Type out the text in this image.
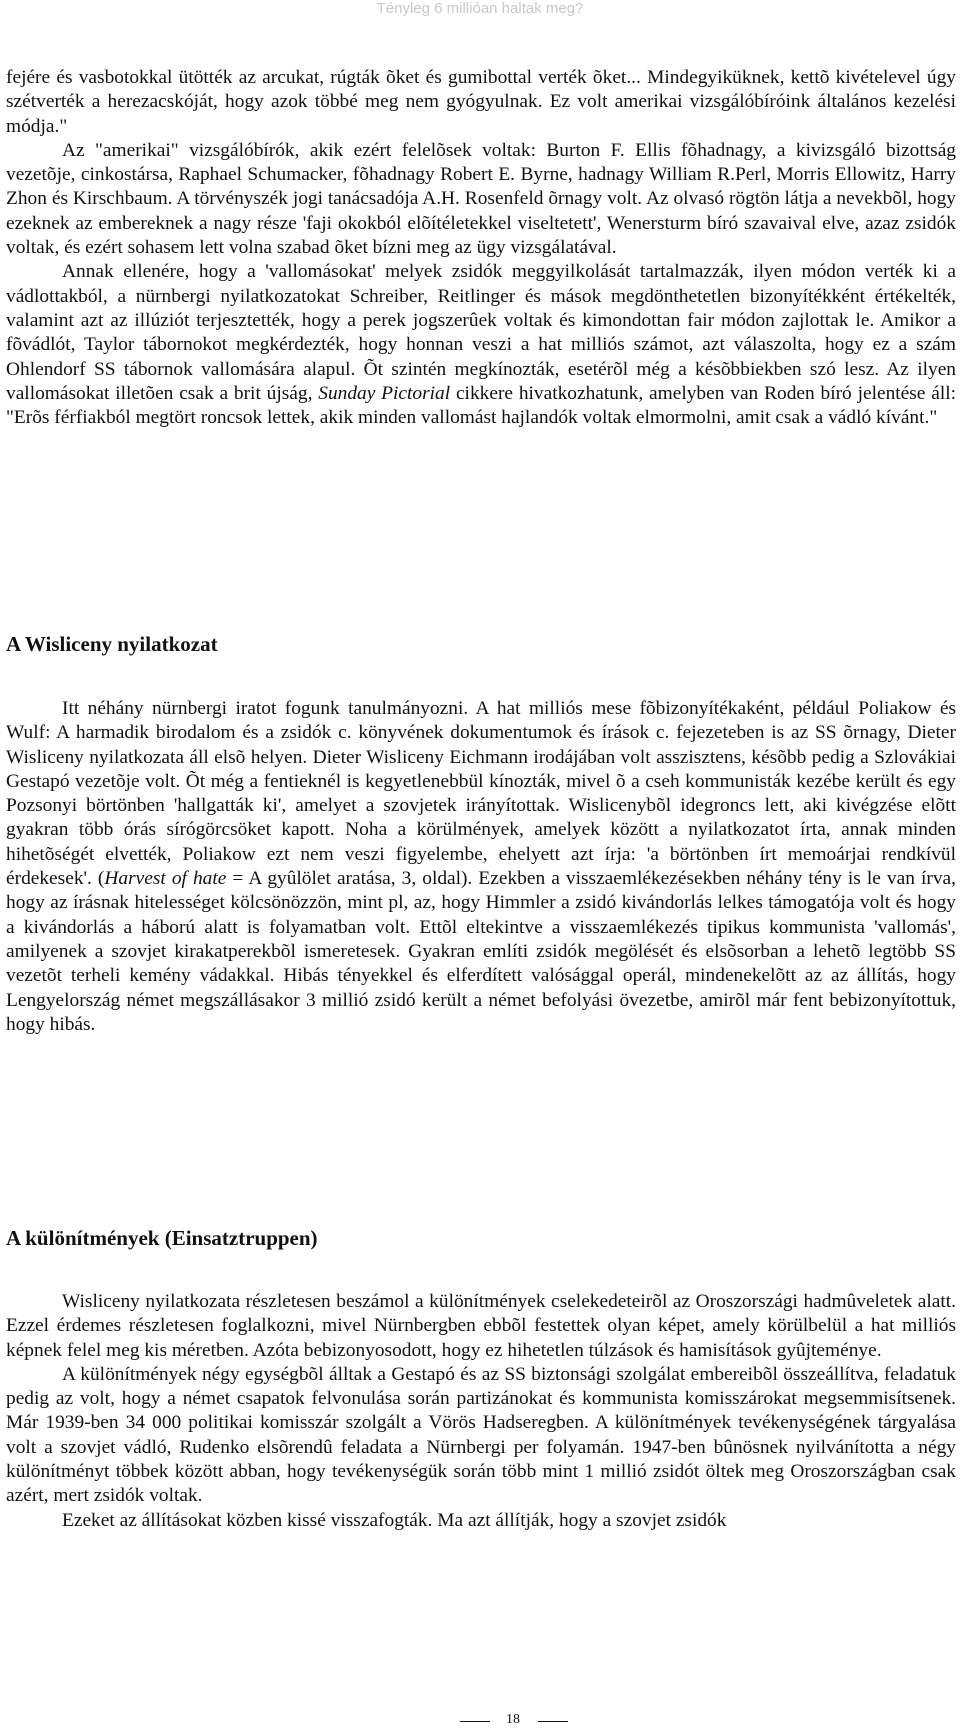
Tényleg 6 millióan haltak meg?

fejére és vasbotokkal ütötték az arcukat, rúgták õket és gumibottal verték õket... Mindegyiküknek, kettõ kivételevel úgy szétverték a herezacskóját, hogy azok többé meg nem gyógyulnak. Ez volt amerikai vizsgálóbíróink általános kezelési módja."

Az "amerikai" vizsgálóbírók, akik ezért felelõsek voltak: Burton F. Ellis fõhadnagy, a kivizsgáló bizottság vezetõje, cinkostársa, Raphael Schumacker, fõhadnagy Robert E. Byrne, hadnagy William R.Perl, Morris Ellowitz, Harry Zhon és Kirschbaum. A törvényszék jogi tanácsadója A.H. Rosenfeld õrnagy volt. Az olvasó rögtön látja a nevekbõl, hogy ezeknek az embereknek a nagy része 'faji okokból elõítéletekkel viseltetett', Wenersturm bíró szavaival elve, azaz zsidók voltak, és ezért sohasem lett volna szabad õket bízni meg az ügy vizsgálatával.

Annak ellenére, hogy a 'vallomásokat' melyek zsidók meggyilkolását tartalmazzák, ilyen módon verték ki a vádlottakból, a nürnbergi nyilatkozatokat Schreiber, Reitlinger és mások megdönthetetlen bizonyítékként értékelték, valamint azt az illúziót terjesztették, hogy a perek jogszerûek voltak és kimondottan fair módon zajlottak le. Amikor a fõvádlót, Taylor tábornokot megkérdezték, hogy honnan veszi a hat milliós számot, azt válaszolta, hogy ez a szám Ohlendorf SS tábornok vallomására alapul. Õt szintén megkínozták, esetérõl még a késõbbiekben szó lesz. Az ilyen vallomásokat illetõen csak a brit újság, Sunday Pictorial cikkere hivatkozhatunk, amelyben van Roden bíró jelentése áll: "Erõs férfiakból megtört roncsok lettek, akik minden vallomást hajlandók voltak elmormolni, amit csak a vádló kívánt."

A Wisliceny nyilatkozat

Itt néhány nürnbergi iratot fogunk tanulmányozni. A hat milliós mese fõbizonyítékaként, például Poliakow és Wulf: A harmadik birodalom és a zsidók c. könyvének dokumentumok és írások c. fejezeteben is az SS õrnagy, Dieter Wisliceny nyilatkozata áll elsõ helyen. Dieter Wisliceny Eichmann irodájában volt asszisztens, késõbb pedig a Szlovákiai Gestapó vezetõje volt. Õt még a fentieknél is kegyetlenebbül kínozták, mivel õ a cseh kommunisták kezébe került és egy Pozsonyi börtönben 'hallgatták ki', amelyet a szovjetek irányítottak. Wislicenybõl idegroncs lett, aki kivégzése elõtt gyakran több órás sírógörcsöket kapott. Noha a körülmények, amelyek között a nyilatkozatot írta, annak minden hihetõségét elvették, Poliakow ezt nem veszi figyelembe, ehelyett azt írja: 'a börtönben írt memoárjai rendkívül érdekesek'. (Harvest of hate = A gyûlölet aratása, 3, oldal). Ezekben a visszaemlékezésekben néhány tény is le van írva, hogy az írásnak hitelességet kölcsönözzön, mint pl, az, hogy Himmler a zsidó kivándorlás lelkes támogatója volt és hogy a kivándorlás a háború alatt is folyamatban volt. Ettõl eltekintve a visszaemlékezés tipikus kommunista 'vallomás', amilyenek a szovjet kirakatperekbõl ismeretesek. Gyakran említi zsidók megölését és elsõsorban a lehetõ legtöbb SS vezetõt terheli kemény vádakkal. Hibás tényekkel és elferdített valósággal operál, mindenekelõtt az az állítás, hogy Lengyelország német megszállásakor 3 millió zsidó került a német befolyási övezetbe, amirõl már fent bebizonyítottuk, hogy hibás.

A különítmények (Einsatztruppen)

Wisliceny nyilatkozata részletesen beszámol a különítmények cselekedeteirõl az Oroszországi hadmûveletek alatt. Ezzel érdemes részletesen foglalkozni, mivel Nürnbergben ebbõl festettek olyan képet, amely körülbelül a hat milliós képnek felel meg kis méretben. Azóta bebizonyosodott, hogy ez hihetetlen túlzások és hamisítások gyûjteménye.

A különítmények négy egységbõl álltak a Gestapó és az SS biztonsági szolgálat embereibõl összeállítva, feladatuk pedig az volt, hogy a német csapatok felvonulása során partizánokat és kommunista komisszárokat megsemmisítsenek. Már 1939-ben 34 000 politikai komisszár szolgált a Vörös Hadseregben. A különítmények tevékenységének tárgyalása volt a szovjet vádló, Rudenko elsõrendû feladata a Nürnbergi per folyamán. 1947-ben bûnösnek nyilvánította a négy különítményt többek között abban, hogy tevékenységük során több mint 1 millió zsidót öltek meg Oroszországban csak azért, mert zsidók voltak.

Ezeket az állításokat közben kissé visszafogták. Ma azt állítják, hogy a szovjet zsidók

18
